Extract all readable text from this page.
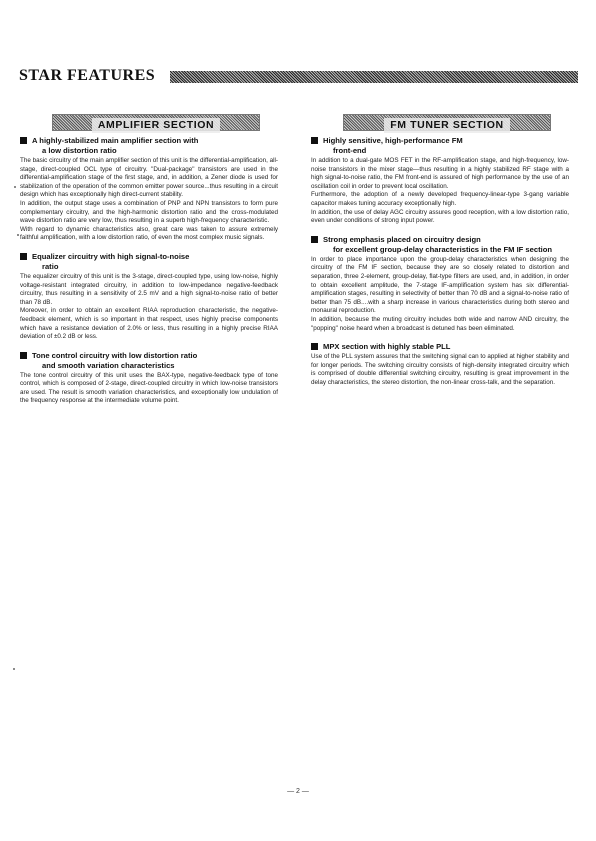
STAR FEATURES
AMPLIFIER SECTION	FM TUNER SECTION
A highly-stabilized main amplifier section with
a low distortion ratio

The basic circuitry of the main amplifier section of this unit is the differential-amplification, all-stage, direct-coupled OCL type of circuitry. "Dual-package" transistors are used in the differential-amplification stage of the first stage, and, in addition, a Zener diode is used for stabilization of the operation of the common emitter power source...thus resulting in a circuit design which has exceptionally high direct-current stability.

In addition, the output stage uses a combination of PNP and NPN transistors to form pure complementary circuitry, and the high-harmonic distortion ratio and the cross-modulated wave distortion ratio are very low, thus resulting in a superb high-frequency characteristic.

With regard to dynamic characteristics also, great care was taken to assure extremely faithful amplification, with a low distortion ratio, of even the most complex music signals.

Equalizer circuitry with high signal-to-noise
ratio

The equalizer circuitry of this unit is the 3-stage, direct-coupled type, using low-noise, highly voltage-resistant integrated circuitry, in addition to low-impedance negative-feedback circuitry, thus resulting in a sensitivity of 2.5 mV and a high signal-to-noise ratio of better than 78 dB.

Moreover, in order to obtain an excellent RIAA reproduction characteristic, the negative-feedback element, which is so important in that respect, uses highly precise components which have a resistance deviation of 2.0% or less, thus resulting in a highly precise RIAA deviation of ±0.2 dB or less.

Tone control circuitry with low distortion ratio
and smooth variation characteristics

The tone control circuitry of this unit uses the BAX-type, negative-feedback type of tone control, which is composed of 2-stage, direct-coupled circuitry in which low-noise transistors are used. The result is smooth variation characteristics, and exceptionally low undulation of the frequency response at the intermediate volume point.

Highly sensitive, high-performance FM
front-end

In addition to a dual-gate MOS FET in the RF-amplification stage, and high-frequency, low-noise transistors in the mixer stage—thus resulting in a highly stabilized RF stage with a high signal-to-noise ratio, the FM front-end is assured of high performance by the use of an oscillation coil in order to prevent local oscillation.

Furthermore, the adoption of a newly developed frequency-linear-type 3-gang variable capacitor makes tuning accuracy exceptionally high.

In addition, the use of delay AGC circuitry assures good reception, with a low distortion ratio, even under conditions of strong input power.

Strong emphasis placed on circuitry design
for excellent group-delay characteristics in the FM IF section

In order to place importance upon the group-delay characteristics when designing the circuitry of the FM IF section, because they are so closely related to distortion and separation, three 2-element, group-delay, flat-type filters are used, and, in addition, in order to obtain excellent amplitude, the 7-stage IF-amplification system has six differential-amplification stages, resulting in selectivity of better than 70 dB and a signal-to-noise ratio of better than 75 dB....with a sharp increase in various characteristics during both stereo and monaural reproduction.

In addition, because the muting circuitry includes both wide and narrow AND circuitry, the "popping" noise heard when a broadcast is detuned has been eliminated.

MPX section with highly stable PLL

Use of the PLL system assures that the switching signal can to applied at higher stability and for longer periods. The switching circuitry consists of high-density integrated circuitry which is comprised of double differential switching circuitry, resulting is great improvement in the delay characteristics, the stereo distortion, the non-linear cross-talk, and the separation.

— 2 —
